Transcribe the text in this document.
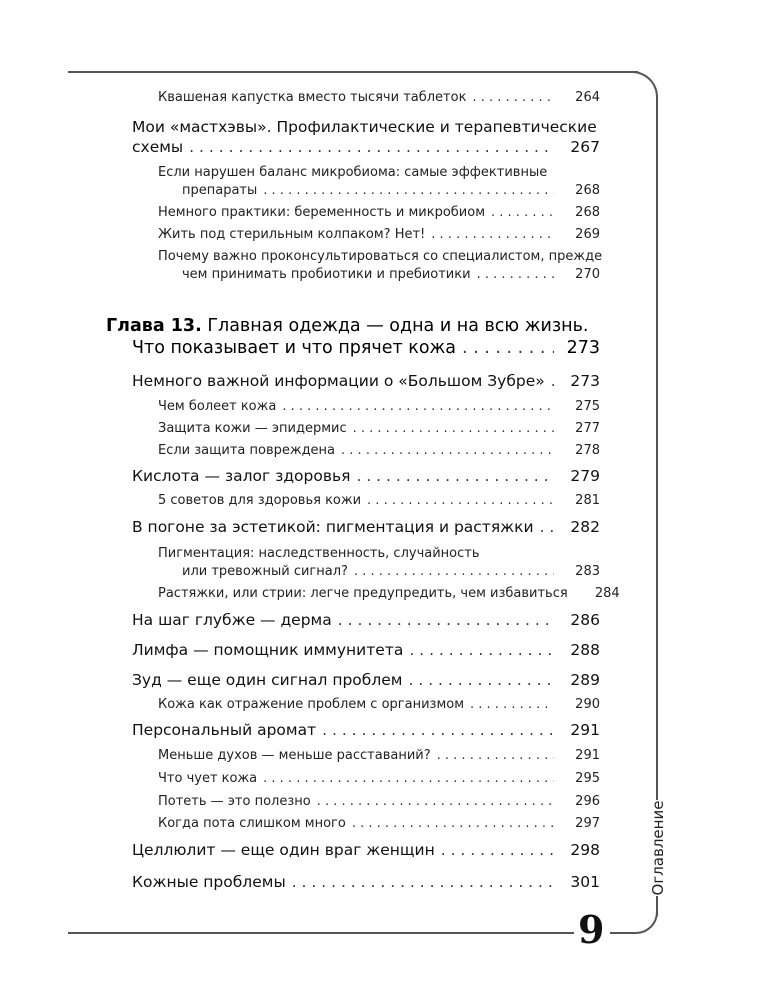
Оглавление
9
Квашеная капустка вместо тысячи таблеток . . .	264
Мои «мастхэвы». Профилактические и терапевтические
схемы . . .	267
Если нарушен баланс микробиома: самые эффективные
препараты . . .	268
Немного практики: беременность и микробиом . . .	268
Жить под стерильным колпаком? Нет! . . .	269
Почему важно проконсультироваться со специалистом, прежде
чем принимать пробиотики и пребиотики . . .	270
Глава 13. Главная одежда — одна и на всю жизнь.
Что показывает и что прячет кожа . . .	273
Немного важной информации о «Большом Зубре» . . .	273
Чем болеет кожа . . .	275
Защита кожи — эпидермис . . .	277
Если защита повреждена . . .	278
Кислота — залог здоровья . . .	279
5 советов для здоровья кожи . . .	281
В погоне за эстетикой: пигментация и растяжки . . .	282
Пигментация: наследственность, случайность
или тревожный сигнал? . . .	283
Растяжки, или стрии: легче предупредить, чем избавиться	284
На шаг глубже — дерма . . .	286
Лимфа — помощник иммунитета . . .	288
Зуд — еще один сигнал проблем . . .	289
Кожа как отражение проблем с организмом . . .	290
Персональный аромат . . .	291
Меньше духов — меньше расставаний? . . .	291
Что чует кожа . . .	295
Потеть — это полезно . . .	296
Когда пота слишком много . . .	297
Целлюлит — еще один враг женщин . . .	298
Кожные проблемы . . .	301
